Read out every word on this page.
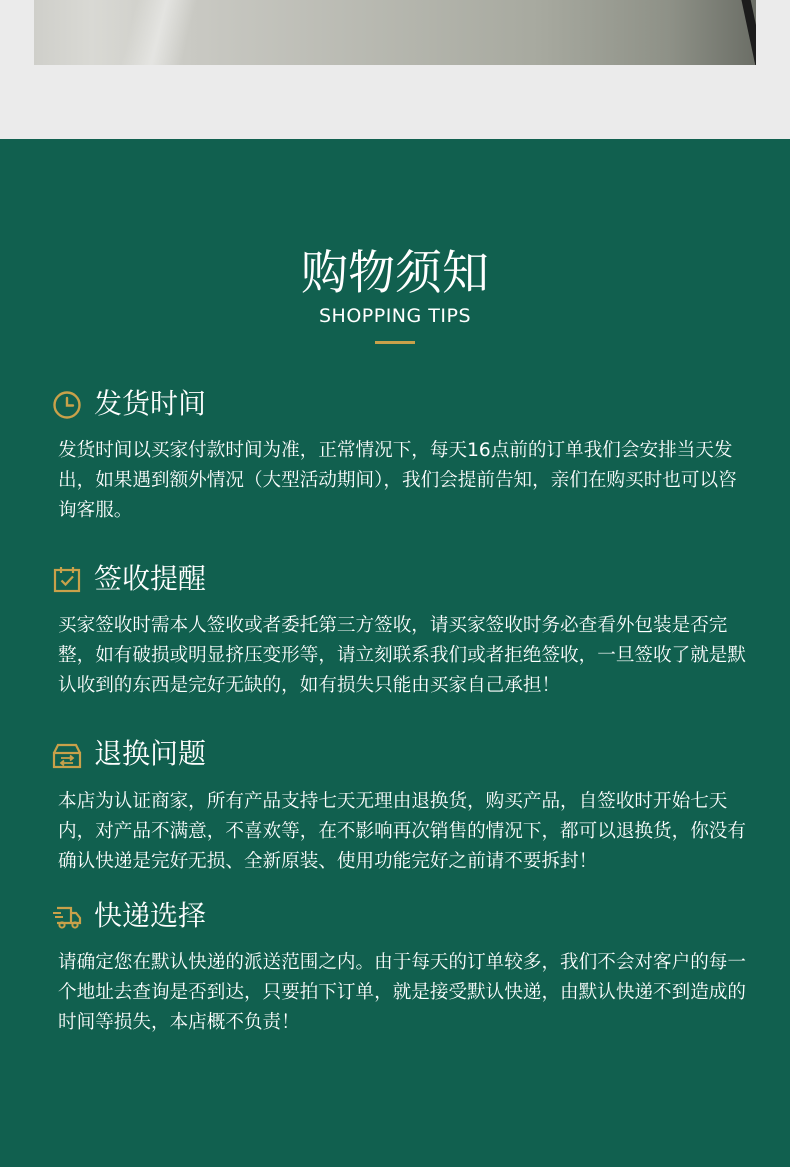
购物须知
SHOPPING TIPS
发货时间
发货时间以买家付款时间为准，正常情况下，每天16点前的订单我们会安排当天发出，如果遇到额外情况（大型活动期间），我们会提前告知，亲们在购买时也可以咨询客服。
签收提醒
买家签收时需本人签收或者委托第三方签收，请买家签收时务必查看外包装是否完整，如有破损或明显挤压变形等，请立刻联系我们或者拒绝签收，一旦签收了就是默认收到的东西是完好无缺的，如有损失只能由买家自己承担！
退换问题
本店为认证商家，所有产品支持七天无理由退换货，购买产品，自签收时开始七天内，对产品不满意，不喜欢等，在不影响再次销售的情况下，都可以退换货，你没有确认快递是完好无损、全新原装、使用功能完好之前请不要拆封！
快递选择
请确定您在默认快递的派送范围之内。由于每天的订单较多，我们不会对客户的每一个地址去查询是否到达，只要拍下订单，就是接受默认快递，由默认快递不到造成的时间等损失，本店概不负责！
